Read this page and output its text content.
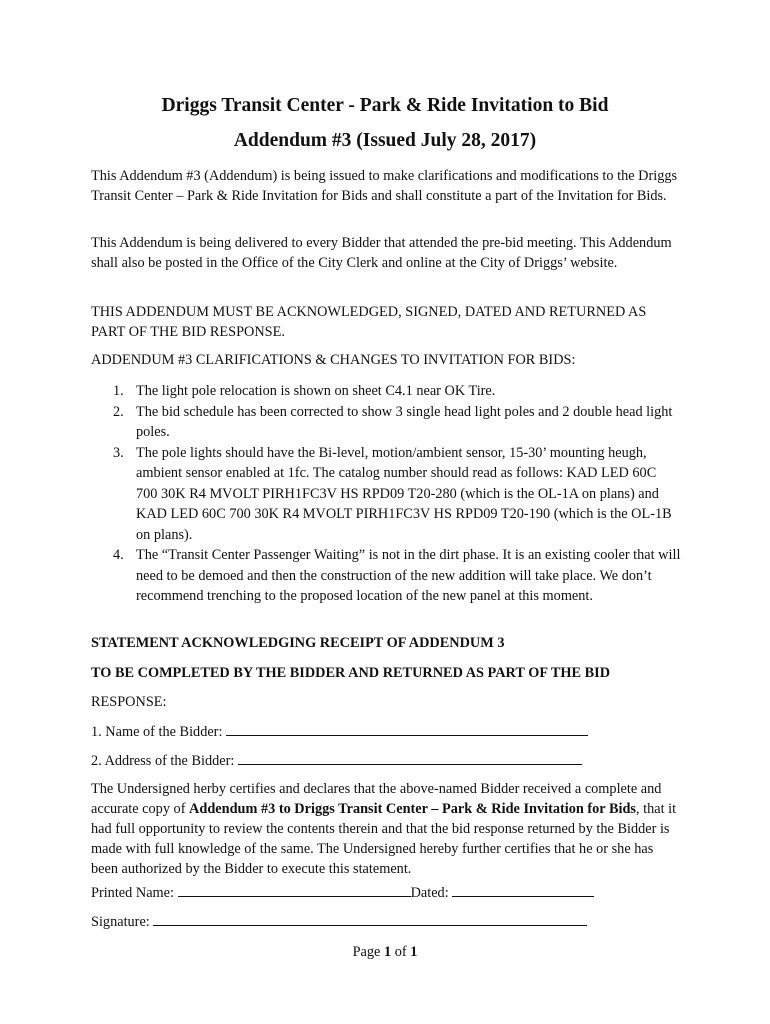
Driggs Transit Center - Park & Ride Invitation to Bid
Addendum #3 (Issued July 28, 2017)

This Addendum #3 (Addendum) is being issued to make clarifications and modifications to the Driggs Transit Center – Park & Ride Invitation for Bids and shall constitute a part of the Invitation for Bids.

This Addendum is being delivered to every Bidder that attended the pre-bid meeting. This Addendum shall also be posted in the Office of the City Clerk and online at the City of Driggs’ website.

THIS ADDENDUM MUST BE ACKNOWLEDGED, SIGNED, DATED AND RETURNED AS PART OF THE BID RESPONSE.

ADDENDUM #3 CLARIFICATIONS & CHANGES TO INVITATION FOR BIDS:

1. The light pole relocation is shown on sheet C4.1 near OK Tire.
2. The bid schedule has been corrected to show 3 single head light poles and 2 double head light poles.
3. The pole lights should have the Bi-level, motion/ambient sensor, 15-30’ mounting heugh, ambient sensor enabled at 1fc. The catalog number should read as follows: KAD LED 60C 700 30K R4 MVOLT PIRH1FC3V HS RPD09 T20-280 (which is the OL-1A on plans) and KAD LED 60C 700 30K R4 MVOLT PIRH1FC3V HS RPD09 T20-190 (which is the OL-1B on plans).
4. The “Transit Center Passenger Waiting” is not in the dirt phase. It is an existing cooler that will need to be demoed and then the construction of the new addition will take place. We don’t recommend trenching to the proposed location of the new panel at this moment.

STATEMENT ACKNOWLEDGING RECEIPT OF ADDENDUM 3

TO BE COMPLETED BY THE BIDDER AND RETURNED AS PART OF THE BID

RESPONSE:

1. Name of the Bidder:

2. Address of the Bidder:

The Undersigned herby certifies and declares that the above-named Bidder received a complete and accurate copy of Addendum #3 to Driggs Transit Center – Park & Ride Invitation for Bids, that it had full opportunity to review the contents therein and that the bid response returned by the Bidder is made with full knowledge of the same. The Undersigned hereby further certifies that he or she has been authorized by the Bidder to execute this statement.

Printed Name:	Dated:

Signature:

Page 1 of 1
